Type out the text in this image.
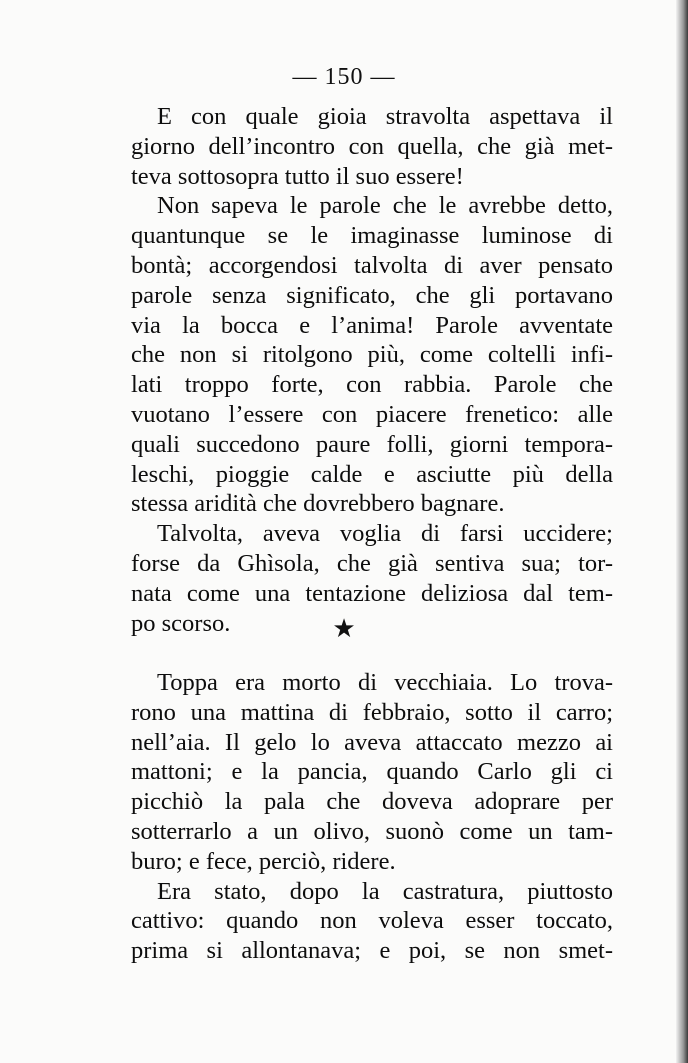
— 150 —
E con quale gioia stravolta aspettava il
giorno dell’incontro con quella, che già met-
teva sottosopra tutto il suo essere!
Non sapeva le parole che le avrebbe detto,
quantunque se le imaginasse luminose di
bontà; accorgendosi talvolta di aver pensato
parole senza significato, che gli portavano
via la bocca e l’anima! Parole avventate
che non si ritolgono più, come coltelli infi-
lati troppo forte, con rabbia. Parole che
vuotano l’essere con piacere frenetico: alle
quali succedono paure folli, giorni tempora-
leschi, pioggie calde e asciutte più della
stessa aridità che dovrebbero bagnare.
Talvolta, aveva voglia di farsi uccidere;
forse da Ghìsola, che già sentiva sua; tor-
nata come una tentazione deliziosa dal tem-
po scorso.	★
Toppa era morto di vecchiaia. Lo trova-
rono una mattina di febbraio, sotto il carro;
nell’aia. Il gelo lo aveva attaccato mezzo ai
mattoni; e la pancia, quando Carlo gli ci
picchiò la pala che doveva adoprare per
sotterrarlo a un olivo, suonò come un tam-
buro; e fece, perciò, ridere.
Era stato, dopo la castratura, piuttosto
cattivo: quando non voleva esser toccato,
prima si allontanava; e poi, se non smet-
